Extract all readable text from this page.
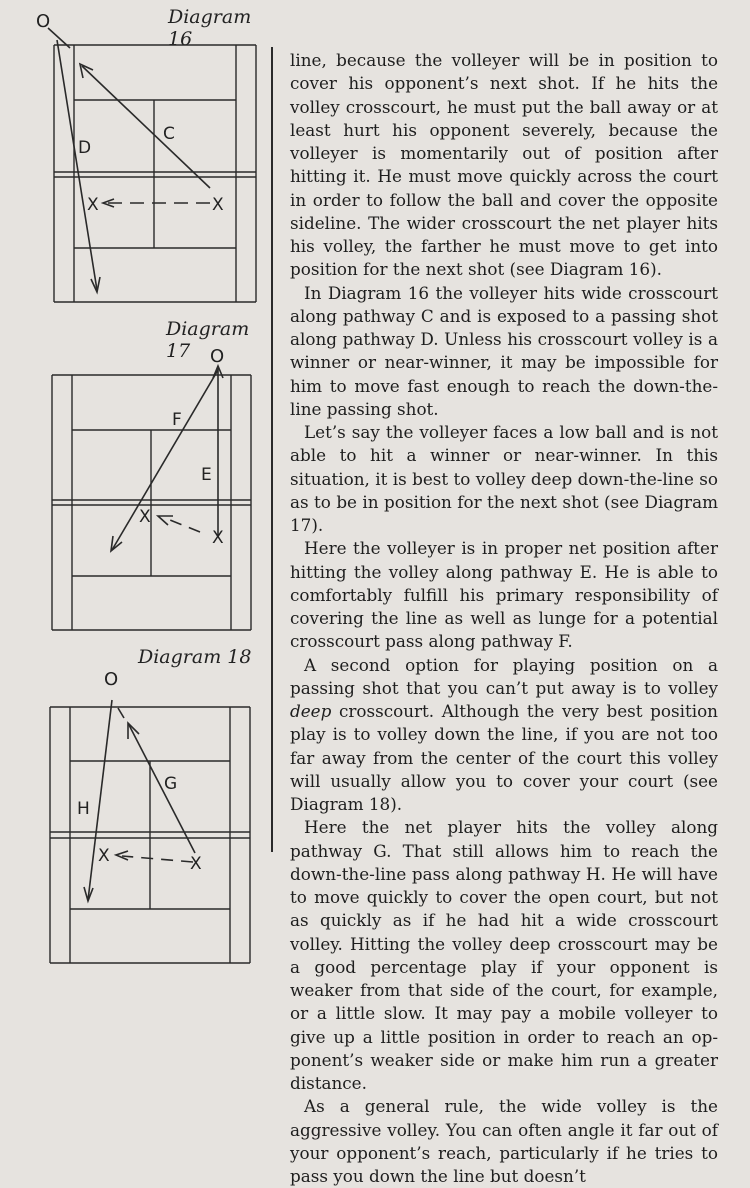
Diagram 16
O
C
D
X	X
Diagram 17	O
F
E
X
X
Diagram 18
O
G
H
X	X

line, because the volleyer will be in position to cover his opponent’s next shot. If he hits the volley crosscourt, he must put the ball away or at least hurt his opponent severely, because the volleyer is momentarily out of position after hitting it. He must move quickly across the court in order to follow the ball and cover the opposite sideline. The wider crosscourt the net player hits his volley, the farther he must move to get into position for the next shot (see Diagram 16).

In Diagram 16 the volleyer hits wide crosscourt along pathway C and is exposed to a passing shot along pathway D. Unless his crosscourt volley is a winner or near-winner, it may be impossible for him to move fast enough to reach the down-the-line passing shot.

Let’s say the volleyer faces a low ball and is not able to hit a winner or near-winner. In this situation, it is best to volley deep down-the-line so as to be in position for the next shot (see Diagram 17).

Here the volleyer is in proper net position after hitting the volley along pathway E. He is able to comfortably fulfill his primary responsibility of covering the line as well as lunge for a potential crosscourt pass along pathway F.

A second option for playing position on a passing shot that you can’t put away is to volley deep crosscourt. Although the very best position play is to volley down the line, if you are not too far away from the center of the court this volley will usually allow you to cover your court (see Diagram 18).

Here the net player hits the volley along pathway G. That still allows him to reach the down-the-line pass along pathway H. He will have to move quickly to cover the open court, but not as quickly as if he had hit a wide crosscourt volley. Hitting the volley deep crosscourt may be a good percentage play if your opponent is weaker from that side of the court, for example, or a little slow. It may pay a mobile volleyer to give up a little position in order to reach an opponent’s weaker side or make him run a greater distance.

As a general rule, the wide volley is the aggressive volley. You can often angle it far out of your opponent’s reach, particularly if he tries to pass you down the line but doesn’t
